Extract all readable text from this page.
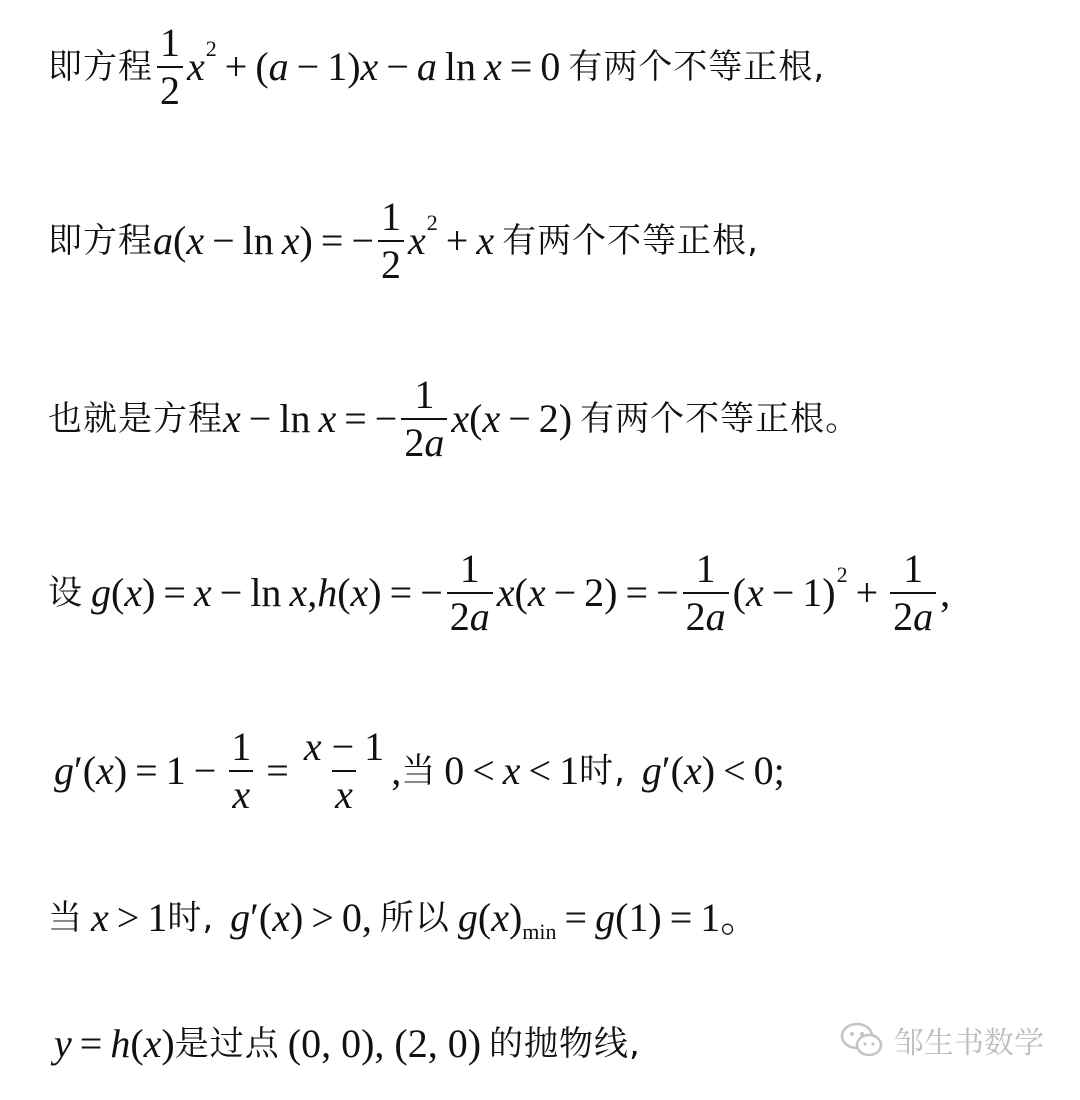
即方程 $\frac{1}{2} x^2$ + ( a − 1) x − a ln x = 0 有两个不等正根,
即方程 a ( x − ln x ) = − $\frac{1}{2} x^2 + x$ 有两个不等正根,
也就是方程 x − ln x = − $\frac{1}{2a}$ x ( x − 2) 有两个不等正根。
设 g ( x ) = x − ln x , h ( x ) = − $\frac{1}{2a}$ x ( x − 2) = − $\frac{1}{2a}$ ( $x - 1)^2 + \frac{1}{2a}$ ,
g ′( x ) = $1 - \frac{1}{x} = \frac{x - 1}{x}$ , 当 0 < x < 1 时, g ′( x ) < 0 ;
当 x > 1 时, g ′( x ) > 0 , 所以 g ( x )$_{min} = g$ (1) = 1 。
y = h ( x ) 是过点 (0, 0), (2, 0) 的抛物线,	邹生书数学
